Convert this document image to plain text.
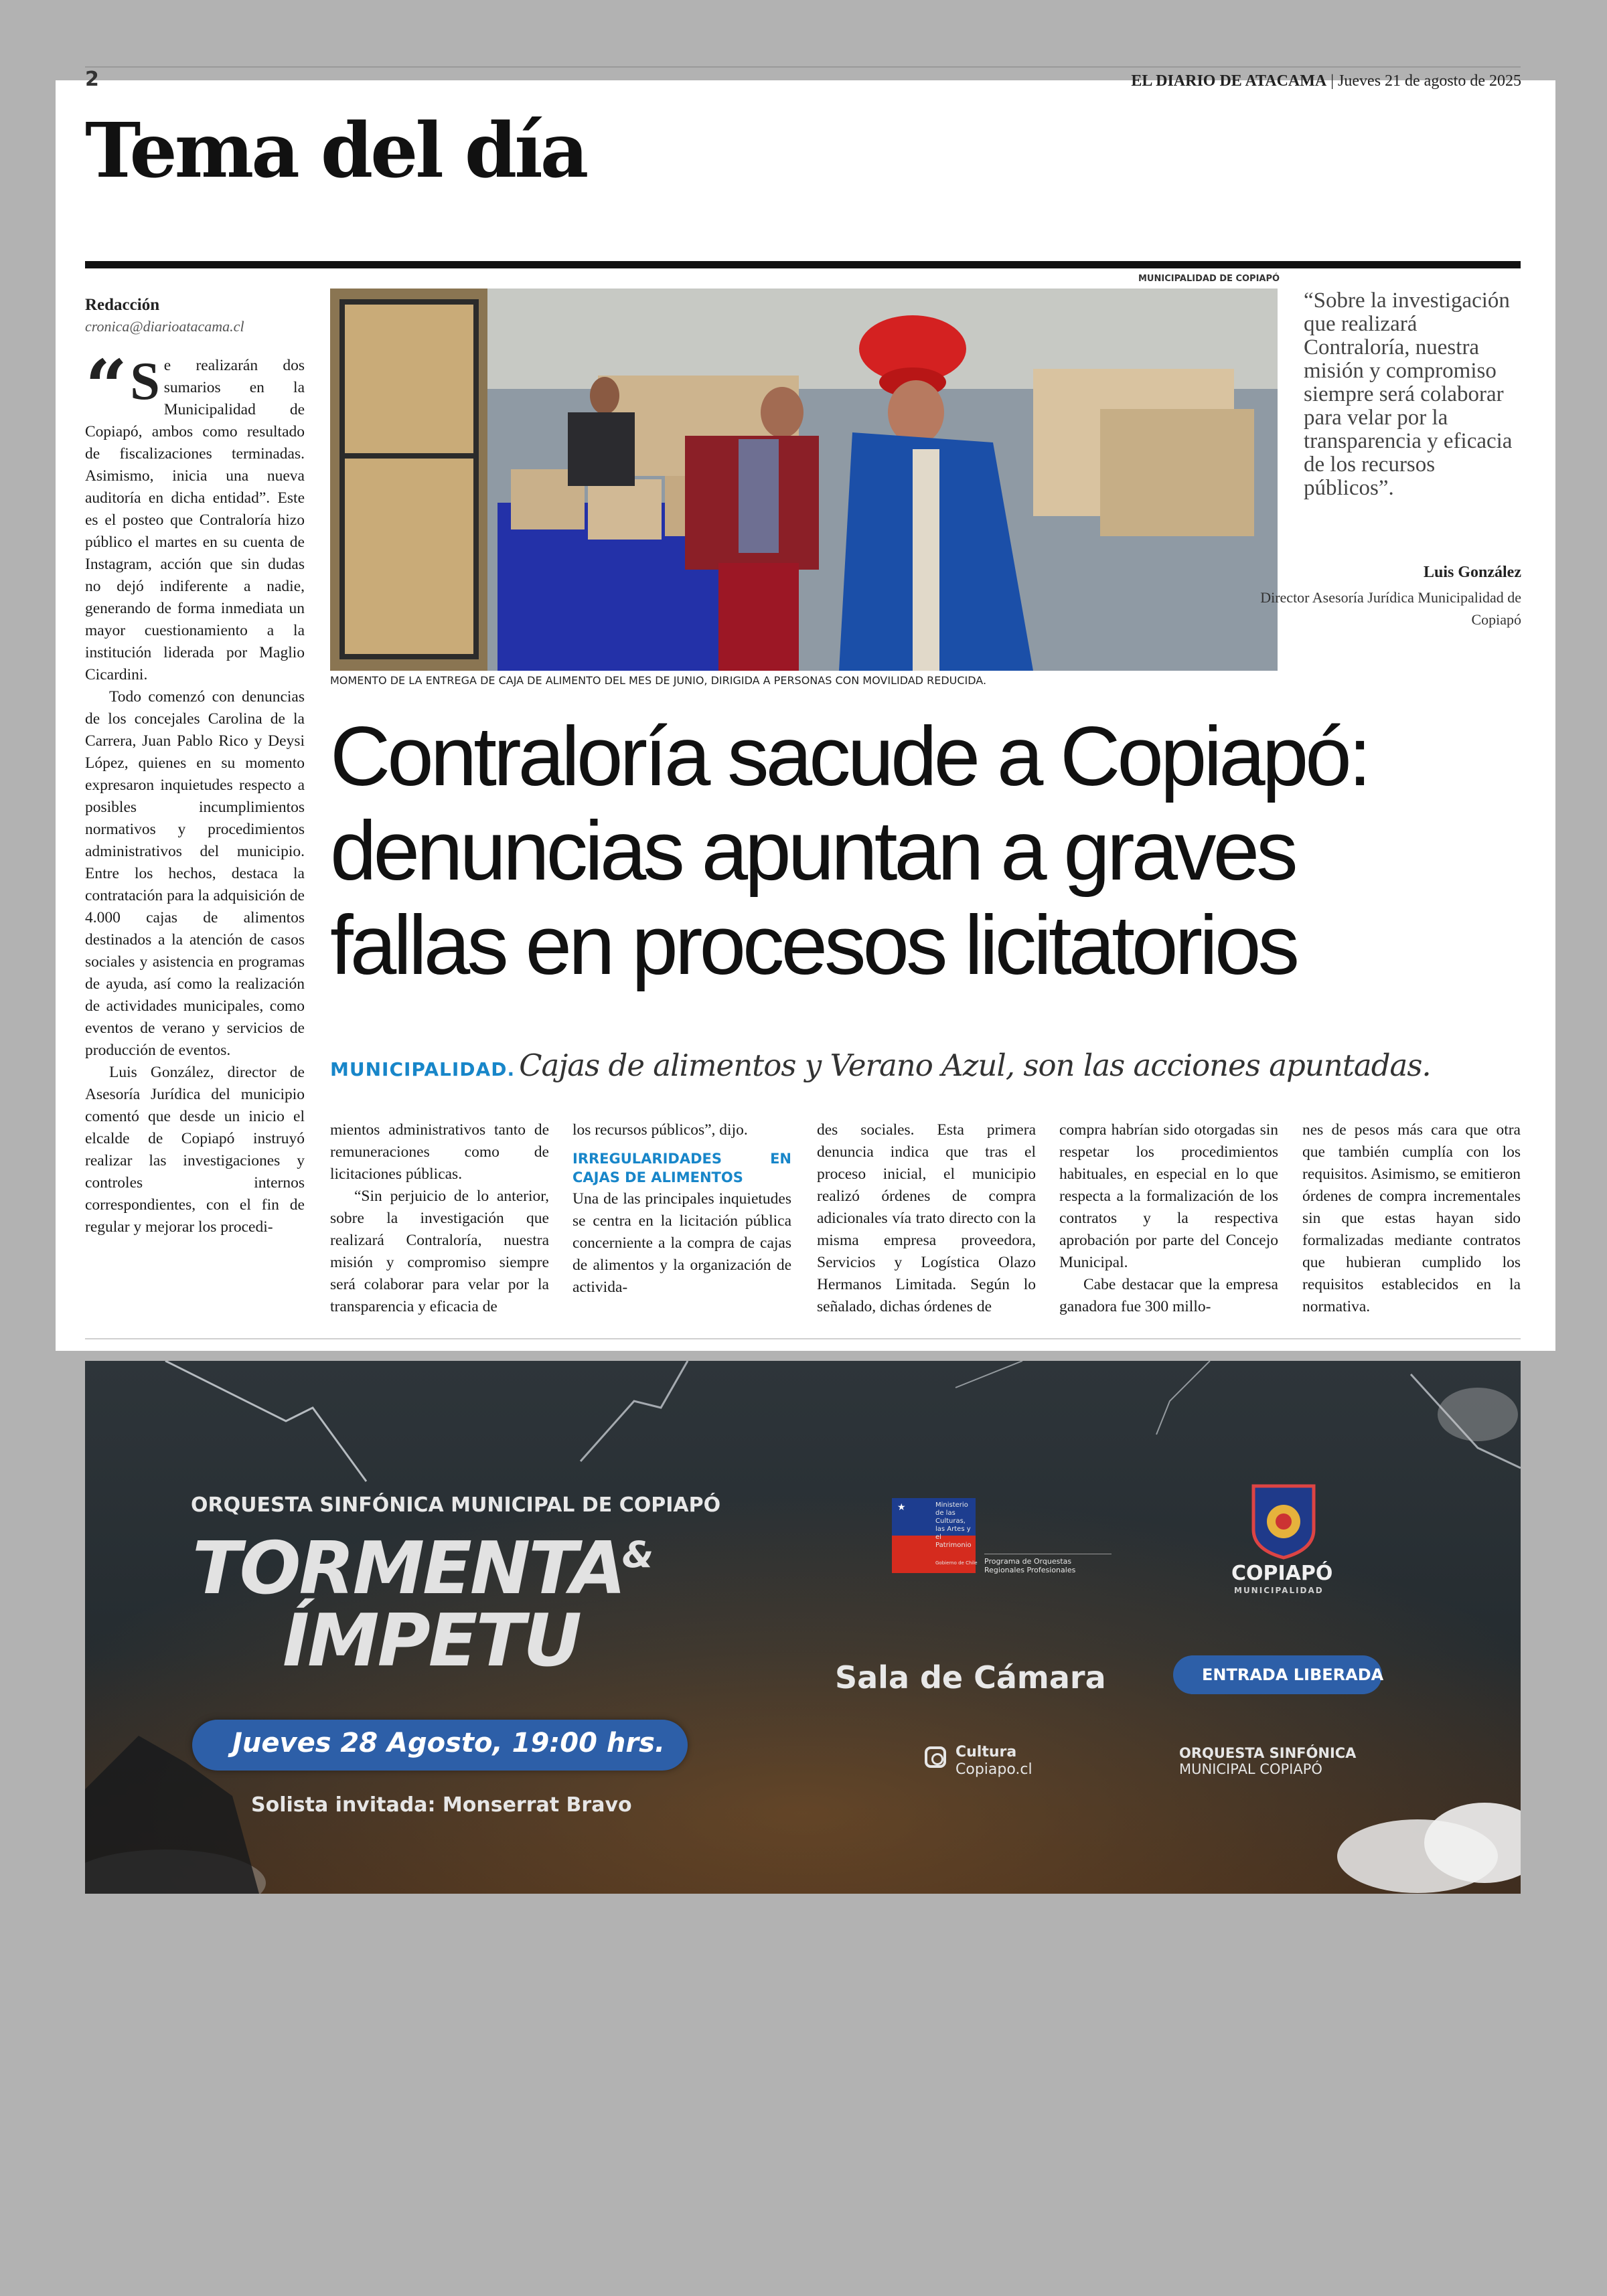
2	EL DIARIO DE ATACAMA | Jueves 21 de agosto de 2025
Tema del día
Redacción
cronica@diarioatacama.cl

“ S e realizarán dos sumarios en la Municipalidad de Copiapó, ambos como resultado de fiscalizaciones terminadas. Asimismo, inicia una nueva auditoría en dicha entidad”. Este es el posteo que Contraloría hizo público el martes en su cuenta de Instagram, acción que sin dudas no dejó indiferente a nadie, generando de forma inmediata un mayor cuestionamiento a la institución liderada por Maglio Cicardini.

Todo comenzó con denuncias de los concejales Carolina de la Carrera, Juan Pablo Rico y Deysi López, quienes en su momento expresaron inquietudes respecto a posibles incumplimientos normativos y procedimientos administrativos del municipio. Entre los hechos, destaca la contratación para la adquisición de 4.000 cajas de alimentos destinados a la atención de casos sociales y asistencia en programas de ayuda, así como la realización de actividades municipales, como eventos de verano y servicios de producción de eventos.

Luis González, director de Asesoría Jurídica del municipio comentó que desde un inicio el elcalde de Copiapó instruyó realizar las investigaciones y controles internos correspondientes, con el fin de regular y mejorar los procedi-

MUNICIPALIDAD DE COPIAPÓ
MOMENTO DE LA ENTREGA DE CAJA DE ALIMENTO DEL MES DE JUNIO, DIRIGIDA A PERSONAS CON MOVILIDAD REDUCIDA.
“Sobre la investigación que realizará Contraloría, nuestra misión y compromiso siempre será colaborar para velar por la transparencia y eficacia de los recursos públicos”.
Luis González
Director Asesoría Jurídica Municipalidad de Copiapó
Contraloría sacude a Copiapó:
denuncias apuntan a graves
fallas en procesos licitatorios
MUNICIPALIDAD. Cajas de alimentos y Verano Azul, son las acciones apuntadas.

mientos administrativos tanto de remuneraciones como de licitaciones públicas.

“Sin perjuicio de lo anterior, sobre la investigación que realizará Contraloría, nuestra misión y compromiso siempre será colaborar para velar por la transparencia y eficacia de

los recursos públicos”, dijo.

IRREGULARIDADES EN CAJAS DE ALIMENTOS

Una de las principales inquietudes se centra en la licitación pública concerniente a la compra de cajas de alimentos y la organización de activida-

des sociales. Esta primera denuncia indica que tras el proceso inicial, el municipio realizó órdenes de compra adicionales vía trato directo con la misma empresa proveedora, Servicios y Logística Olazo Hermanos Limitada. Según lo señalado, dichas órdenes de

compra habrían sido otorgadas sin respetar los procedimientos habituales, en especial en lo que respecta a la formalización de los contratos y la respectiva aprobación por parte del Concejo Municipal.

Cabe destacar que la empresa ganadora fue 300 millo-

nes de pesos más cara que otra que también cumplía con los requisitos. Asimismo, se emitieron órdenes de compra incrementales sin que estas hayan sido formalizadas mediante contratos que hubieran cumplido los requisitos establecidos en la normativa.

ORQUESTA SINFÓNICA MUNICIPAL DE COPIAPÓ
TORMENTA
&
ÍMPETU
Jueves 28 Agosto, 19:00 hrs.
Solista invitada: Monserrat Bravo
★	Ministerio de las Culturas, las Artes y el Patrimonio
Gobierno de Chile Programa de Orquestas Regionales Profesionales	COPIAPÓ
MUNICIPALIDAD
Sala de Cámara	ENTRADA LIBERADA
Cultura
Copiapo.cl
ORQUESTA SINFÓNICA
MUNICIPAL COPIAPÓ
